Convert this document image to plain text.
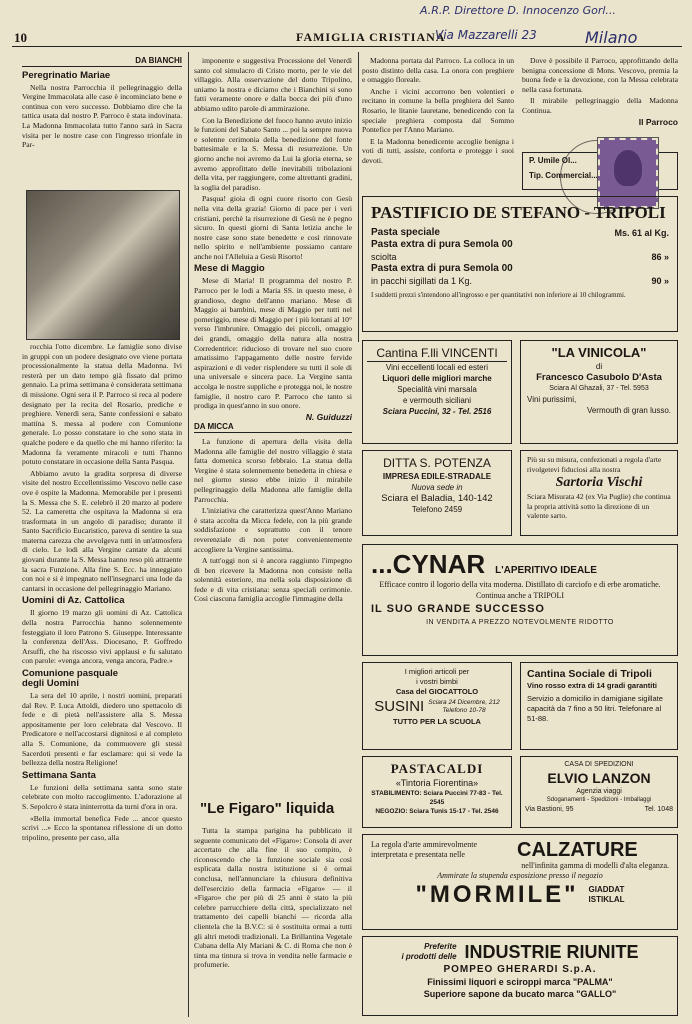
10	FAMIGLIA CRISTIANA
A.R.P. Direttore D. Innocenzo Gorl...
Via Mazzarelli 23	Milano
DA BIANCHI
Peregrinatio Mariae

Nella nostra Parrocchia il pellegrinaggio della Vergine Immacolata alle case è incominciato bene e continua con vero successo. Dobbiamo dire che la tattica usata dal nostro P. Parroco è stata indovinata. La Madonna Immacolata tutto l'anno sarà in Sacra visita per le nostre case con l'ingresso trionfale in Par-

rocchia l'otto dicembre. Le famiglie sono divise in gruppi con un podere designato ove viene portata processionalmente la statua della Madonna. Ivi resterà per un dato tempo già fissato dal primo gennaio. La prima settimana è considerata settimana di missione. Ogni sera il P. Parroco si reca al podere designato per la recita del Rosario, prediche e preghiere. Venerdì sera, Sante confessioni e sabato mattina S. messa al podere con Comunione generale. Lo posso constatare io che sono stata in qualche podere e da quello che mi hanno riferito: la Madonna fa veramente miracoli e tutti l'hanno potuto constatare in occasione della Santa Pasqua.

Abbiamo avuto la gradita sorpresa di diverse visite del nostro Eccellentissimo Vescovo nelle case ove è ospite la Madonna. Memorabile per i presenti la S. Messa che S. E. celebrò il 20 marzo al podere 52. La cameretta che ospitava la Madonna si era trasformata in un angolo di paradiso; durante il Santo Sacrificio Eucaristico, pareva di sentire la sua materna carezza che avvolgeva tutti in un'atmosfera di cielo. Le lodi alla Vergine cantate da alcuni giovani durante la S. Messa hanno reso più attraente la sacra Funzione. Alla fine S. Ecc. ha inneggiato con noi e si è impegnato nell'insegnarci una lode da cantarsi in occasione del pellegrinaggio Mariano.

Uomini di Az. Cattolica

Il giorno 19 marzo gli uomini di Az. Cattolica della nostra Parrocchia hanno solennemente festeggiato il loro Patrono S. Giuseppe. Interessante la conferenza dell'Ass. Diocesano, P. Goffredo Arsuffi, che ha riscosso vivi applausi e fu salutato con parole: «venga ancora, venga ancora, Padre.»

Comunione pasquale
degli Uomini

La sera del 10 aprile, i nostri uomini, preparati dal Rev. P. Luca Attoldi, diedero uno spettacolo di fede e di pietà nell'assistere alla S. Messa appositamente per loro celebrata dal Vescovo. Il Predicatore e nell'accostarsi dignitosi e al completo alla S. Comunione, da commuovere gli stessi Sacerdoti presenti e far esclamare: qui si vede la bellezza della nostra Religione!

Settimana Santa

Le funzioni della settimana santa sono state celebrate con molto raccoglimento. L'adorazione al S. Sepolcro è stata ininterrotta da turni d'ora in ora.

«Bella immortal benefica Fede ... ancor questo scrivi ...» Ecco la spontanea riflessione di un dotto tripolino, presente per caso, alla

imponente e suggestiva Processione del Venerdì santo col simulacro di Cristo morto, per le vie del villaggio. Alla osservazione del dotto Tripolino, uniamo la nostra e diciamo che i Bianchini si sono fatti veramente onore e dalla bocca dei più d'uno abbiamo udito parole di ammirazione.

Con la Benedizione del fuoco hanno avuto inizio le funzioni del Sabato Santo ... poi la sempre nuova e solenne cerimonia della benedizione del fonte battesimale e la S. Messa di resurrezione. Un giorno anche noi avremo da Lui la gloria eterna, se avremo approfittato delle inevitabili tribolazioni della vita, per raggiungere, come altrettanti gradini, la soglia del paradiso.

Pasqua! gioia di ogni cuore risorto con Gesù nella vita della grazia! Giorno di pace per i veri cristiani, perchè la risurrezione di Gesù ne è pegno sicuro. In questi giorni di Santa letizia anche le nostre case sono state benedette e così rinnovate nello spirito e nell'ambiente possiamo cantare anche noi l'Alleluia a Gesù Risorto!

Mese di Maggio

Mese di Maria! Il programma del nostro P. Parroco per le lodi a Maria SS. in questo mese, è grandioso, degno dell'anno mariano. Mese di Maggio ai bambini, mese di Maggio per tutti nel pomeriggio, mese di Maggio per i più lontani al 10° verso l'imbrunire. Omaggio dei piccoli, omaggio dei grandi, omaggio della natura alla nostra Corredentrice: riducioso di trovare nel suo cuore amatissimo l'appagamento delle nostre fervide aspirazioni e di veder risplendere su tutti il sole di una universale e sincera pace. La Vergine santa accolga le nostre suppliche e protegga noi, le nostre famiglie, il nostro caro P. Parroco che tanto si prodiga in quest'anno in suo onore.

N. Guiduzzi
DA MICCA

La funzione di apertura della visita della Madonna alle famiglie del nostro villaggio è stata fatta domenica scorso febbraio. La statua della Vergine è stata solennemente benedetta in chiesa e nel giorno stesso ebbe inizio il mirabile pellegrinaggio della Madonna alle famiglie della Parrocchia.

L'iniziativa che caratterizza quest'Anno Mariano è stata accolta da Micca fedele, con la più grande soddisfazione e soprattutto con il tenore reverenziale di non poter convenientemente accogliere la Vergine santissima.

A tutt'oggi non si è ancora raggiunto l'impegno di ben ricevere la Madonna non consiste nella solennità esteriore, ma nella sola disposizione di fede e di vita cristiana: senza speciali cerimonie. Così ciascuna famiglia accoglie l'immagine della

"Le Figaro" liquida

Tutta la stampa parigina ha pubblicato il seguente comunicato del «Figaro»: Consola di aver accertato che alla fine il suo compito, è riconoscendo che la funzione sociale sia così esplicata dalla nostra istituzione si è ormai conclusa, nell'annunciare la chiusura definitiva dell'esercizio della farmacia «Figaro» — il «Figaro» che per più di 25 anni è stato la più celebre parrucchiere della città, specializzato nel trattamento dei capelli bianchi — ricorda alla clientela che la B.V.C: si è sostituita ormai a tutti gli altri metodi tradizionali. La Brillantina Vegetale Cubana della Aly Mariani & C. di Roma che non è tinta ma tintura si trova in vendita nelle farmacie e profumerie.

Madonna portata dal Parroco. La colloca in un posto distinto della casa. La onora con preghiere e omaggio floreale.

Anche i vicini accorrono ben volentieri e recitano in comune la bella preghiera del Santo Rosario, le litanie lauretane, benedicendo con la speciale preghiera composta dal Sommo Pontefice per l'Anno Mariano.

E la Madonna benedicente accoglie benigna i voti di tutti, assiste, conforta e protegge i suoi devoti.

Dove è possibile il Parroco, approfittando della benigna concessione di Mons. Vescovo, premia la buona fede e la devozione, con la Messa celebrata nella casa fortunata.

Il mirabile pellegrinaggio della Madonna Continua.

Il Parroco
P. Umile Ol...
Tip. Commercial...
PASTIFICIO DE STEFANO - TRIPOLI
Pasta speciale	Ms. 61 al Kg.
Pasta extra di pura Semola 00
sciolta	86 »
Pasta extra di pura Semola 00
in pacchi sigillati da 1 Kg.	90 »
I suddetti prezzi s'intendono all'ingrosso e per quantitativi non inferiore ai 10 chilogrammi.
Cantina F.lli VINCENTI
Vini eccellenti locali ed esteri
Liquori delle migliori marche
Specialità vini marsala
e vermouth siciliani
Sciara Puccini, 32 - Tel. 2516
"LA VINICOLA"
di
Francesco Casubolo D'Asta
Sciara Al Ghazali, 37 - Tel. 5953
Vini purissimi,
Vermouth di gran lusso.
DITTA S. POTENZA
IMPRESA EDILE-STRADALE
Nuova sede in
Sciara el Baladia, 140-142
Telefono 2459
Più su su misura, confezionati a regola d'arte rivolgetevi fiduciosi alla nostra
Sartoria Vischi
Sciara Misurata 42 (ex Via Puglie) che continua la propria attività sotto la direzione di un valente sarto.
...CYNAR L'APERITIVO IDEALE
Efficace contro il logorio della vita moderna. Distillato di carciofo e di erbe aromatiche. Continua anche a TRIPOLI
IL SUO GRANDE SUCCESSO
IN VENDITA A PREZZO NOTEVOLMENTE RIDOTTO
I migliori articoli per
i vostri bimbi
Casa del GIOCATTOLO
SUSINI Sciara 24 Dicembre, 212
Telefono 10-78
TUTTO PER LA SCUOLA
Cantina Sociale di Tripoli
Vino rosso extra di 14 gradi garantiti
Servizio a domicilio in damigiane sigillate capacità da 7 fino a 50 litri. Telefonare al 51-88.
PASTACALDI
«Tintoria Fiorentina»
STABILIMENTO: Sciara Puccini 77-83 - Tel. 2545
NEGOZIO: Sciara Tunis 15-17 - Tel. 2546
CASA DI SPEDIZIONI
ELVIO LANZON
Agenzia viaggi
Sdoganamenti - Spedizioni - Imballaggi
Via Bastioni, 95	Tel. 1048
La regola d'arte ammirevolmente interpretata e presentata nelle	CALZATURE
nell'infinita gamma di modelli d'alta eleganza.
Ammirate la stupenda esposizione presso il negozio
"MORMILE" GIADDAT
ISTIKLAL
Preferite
i prodotti delle INDUSTRIE RIUNITE
POMPEO GHERARDI S.p.A.
Finissimi liquori e sciroppi marca "PALMA"
Superiore sapone da bucato marca "GALLO"
